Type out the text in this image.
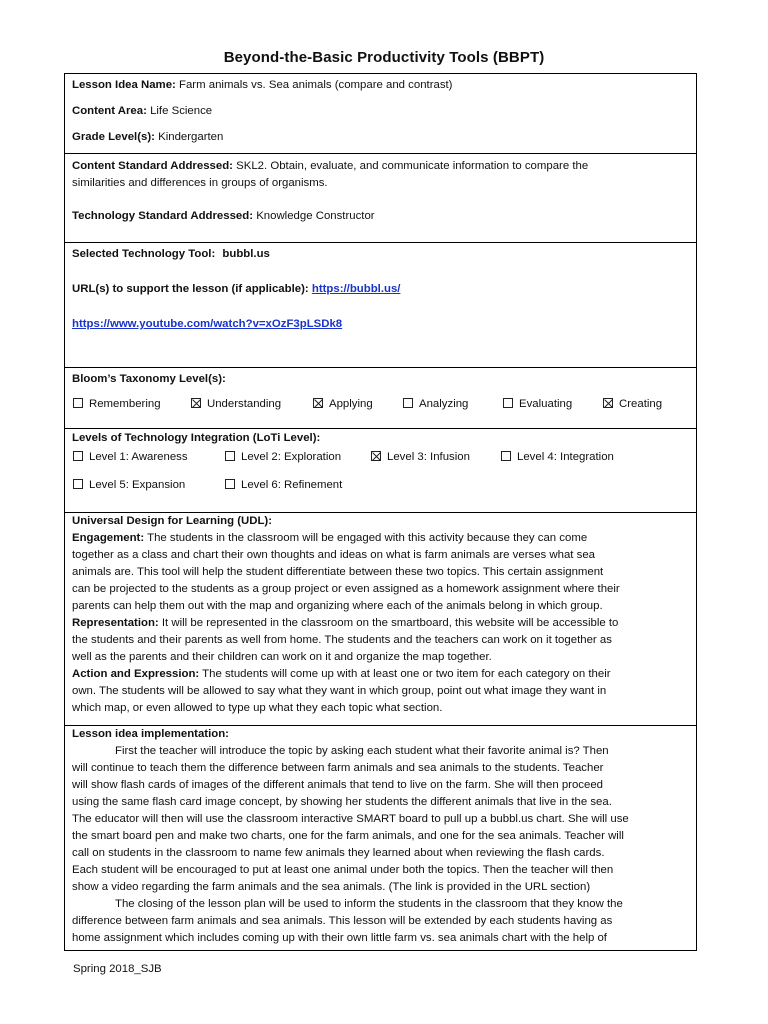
Beyond-the-Basic Productivity Tools (BBPT)
Lesson Idea Name: Farm animals vs. Sea animals (compare and contrast)
Content Area: Life Science
Grade Level(s): Kindergarten
Content Standard Addressed: SKL2. Obtain, evaluate, and communicate information to compare the
similarities and differences in groups of organisms.
Technology Standard Addressed: Knowledge Constructor
Selected Technology Tool: bubbl.us
URL(s) to support the lesson (if applicable): https://bubbl.us/
https://www.youtube.com/watch?v=xOzF3pLSDk8
Bloom’s Taxonomy Level(s):
Remembering	Understanding	Applying	Analyzing	Evaluating	Creating
Levels of Technology Integration (LoTi Level):
Level 1: Awareness	Level 2: Exploration	Level 3: Infusion	Level 4: Integration
Level 5: Expansion	Level 6: Refinement
Universal Design for Learning (UDL):
Engagement: The students in the classroom will be engaged with this activity because they can come
together as a class and chart their own thoughts and ideas on what is farm animals are verses what sea
animals are. This tool will help the student differentiate between these two topics. This certain assignment
can be projected to the students as a group project or even assigned as a homework assignment where their
parents can help them out with the map and organizing where each of the animals belong in which group.
Representation: It will be represented in the classroom on the smartboard, this website will be accessible to
the students and their parents as well from home. The students and the teachers can work on it together as
well as the parents and their children can work on it and organize the map together.
Action and Expression: The students will come up with at least one or two item for each category on their
own. The students will be allowed to say what they want in which group, point out what image they want in
which map, or even allowed to type up what they each topic what section.
Lesson idea implementation:
First the teacher will introduce the topic by asking each student what their favorite animal is? Then
will continue to teach them the difference between farm animals and sea animals to the students. Teacher
will show flash cards of images of the different animals that tend to live on the farm. She will then proceed
using the same flash card image concept, by showing her students the different animals that live in the sea.
The educator will then will use the classroom interactive SMART board to pull up a bubbl.us chart. She will use
the smart board pen and make two charts, one for the farm animals, and one for the sea animals. Teacher will
call on students in the classroom to name few animals they learned about when reviewing the flash cards.
Each student will be encouraged to put at least one animal under both the topics. Then the teacher will then
show a video regarding the farm animals and the sea animals. (The link is provided in the URL section)
The closing of the lesson plan will be used to inform the students in the classroom that they know the
difference between farm animals and sea animals. This lesson will be extended by each students having as
home assignment which includes coming up with their own little farm vs. sea animals chart with the help of
Spring 2018_SJB
